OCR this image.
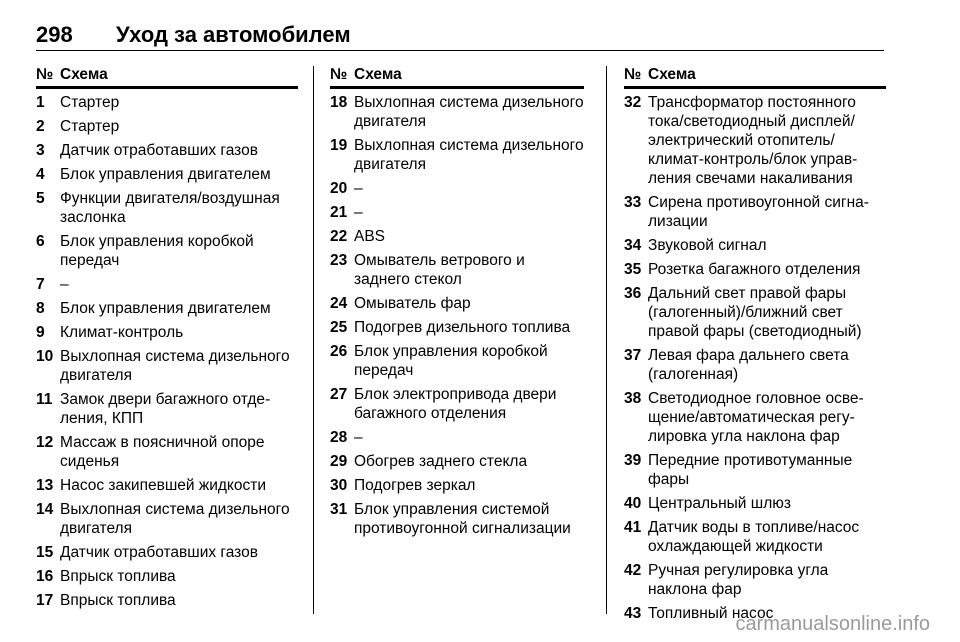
298 Уход за автомобилем
№ Схема
1 Стартер
2 Стартер
3 Датчик отработавших газов
4 Блок управления двигателем
5 Функции двигателя/воздушная заслонка
6 Блок управления коробкой передач
7 –
8 Блок управления двигателем
9 Климат-контроль
10 Выхлопная система дизельного двигателя
11 Замок двери багажного отделения, КПП
12 Массаж в поясничной опоре сиденья
13 Насос закипевшей жидкости
14 Выхлопная система дизельного двигателя
15 Датчик отработавших газов
16 Впрыск топлива
17 Впрыск топлива
№ Схема
18 Выхлопная система дизельного двигателя
19 Выхлопная система дизельного двигателя
20 –
21 –
22 ABS
23 Омыватель ветрового и заднего стекол
24 Омыватель фар
25 Подогрев дизельного топлива
26 Блок управления коробкой передач
27 Блок электропривода двери багажного отделения
28 –
29 Обогрев заднего стекла
30 Подогрев зеркал
31 Блок управления системой противоугонной сигнализации
№ Схема
32 Трансформатор постоянного тока/светодиодный дисплей/ электрический отопитель/ климат-контроль/блок управления свечами накаливания
33 Сирена противоугонной сигнализации
34 Звуковой сигнал
35 Розетка багажного отделения
36 Дальний свет правой фары (галогенный)/ближний свет правой фары (светодиодный)
37 Левая фара дальнего света (галогенная)
38 Светодиодное головное освещение/автоматическая регулировка угла наклона фар
39 Передние противотуманные фары
40 Центральный шлюз
41 Датчик воды в топливе/насос охлаждающей жидкости
42 Ручная регулировка угла наклона фар
43 Топливный насос
carmanualsonline.info
